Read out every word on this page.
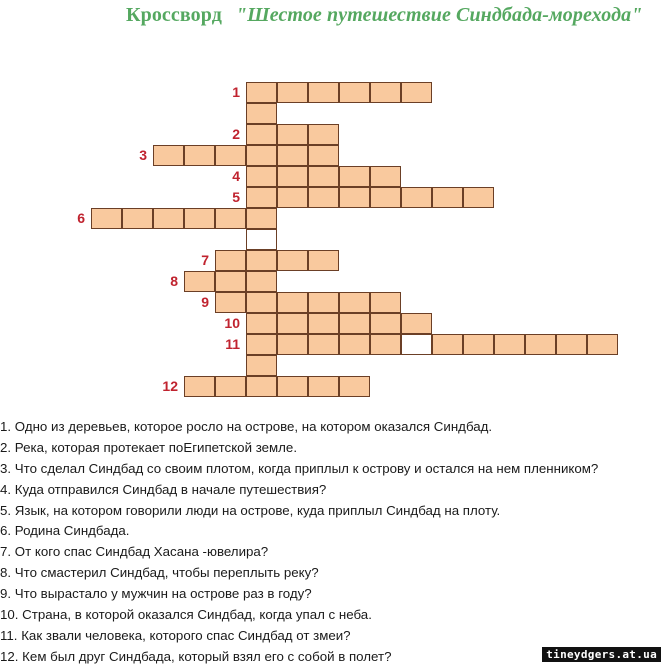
Кроссворд "Шестое путешествие Синдбада-морехода"
1
2
3
4
5
6
7
8
9
10
11
12
1. Одно из деревьев, которое росло на острове, на котором оказался Синдбад.
2. Река, которая протекает поЕгипетской земле.
3. Что сделал Синдбад со своим плотом, когда приплыл к острову и остался на нем пленником?
4. Куда отправился Синдбад в начале путешествия?
5. Язык, на котором говорили люди на острове, куда приплыл Синдбад на плоту.
6. Родина Синдбада.
7. От кого спас Синдбад Хасана -ювелира?
8. Что смастерил Синдбад, чтобы переплыть реку?
9. Что вырастало у мужчин на острове раз в году?
10. Страна, в которой оказался Синдбад, когда упал с неба.
11. Как звали человека, которого спас Синдбад от змеи?
12. Кем был друг Синдбада, который взял его с собой в полет?	tineydgers.at.ua
